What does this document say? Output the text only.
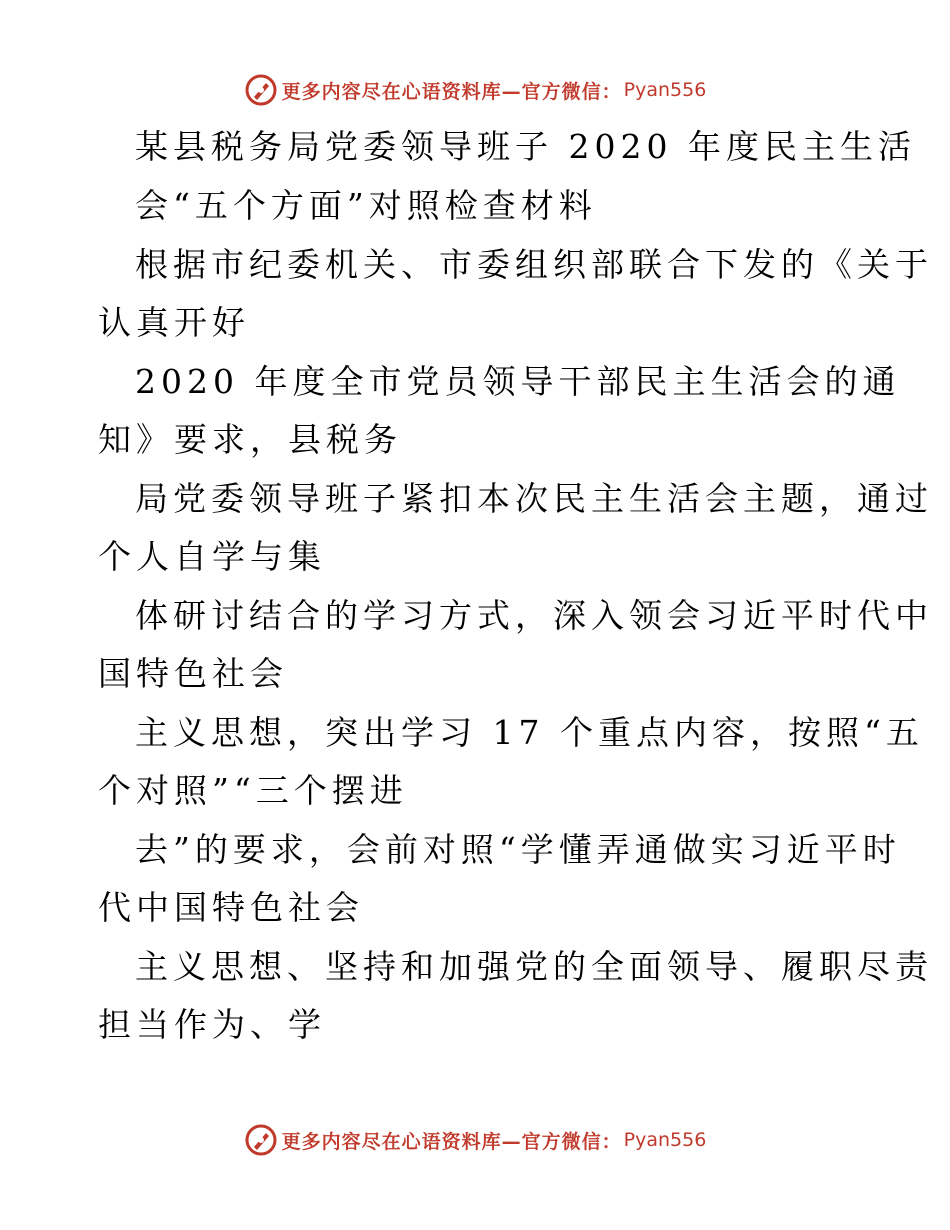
更多内容尽在心语资料库—官方微信： Pyan556
某县税务局党委领导班子 2020 年度民主生活
会“五个方面”对照检查材料
根据市纪委机关、市委组织部联合下发的《关于
认真开好
2020 年度全市党员领导干部民主生活会的通
知》要求，县税务
局党委领导班子紧扣本次民主生活会主题，通过
个人自学与集
体研讨结合的学习方式，深入领会习近平时代中
国特色社会
主义思想，突出学习 17 个重点内容，按照“五
个对照”“三个摆进
去”的要求，会前对照“学懂弄通做实习近平时
代中国特色社会
主义思想、坚持和加强党的全面领导、履职尽责
担当作为、学
更多内容尽在心语资料库—官方微信： Pyan556
